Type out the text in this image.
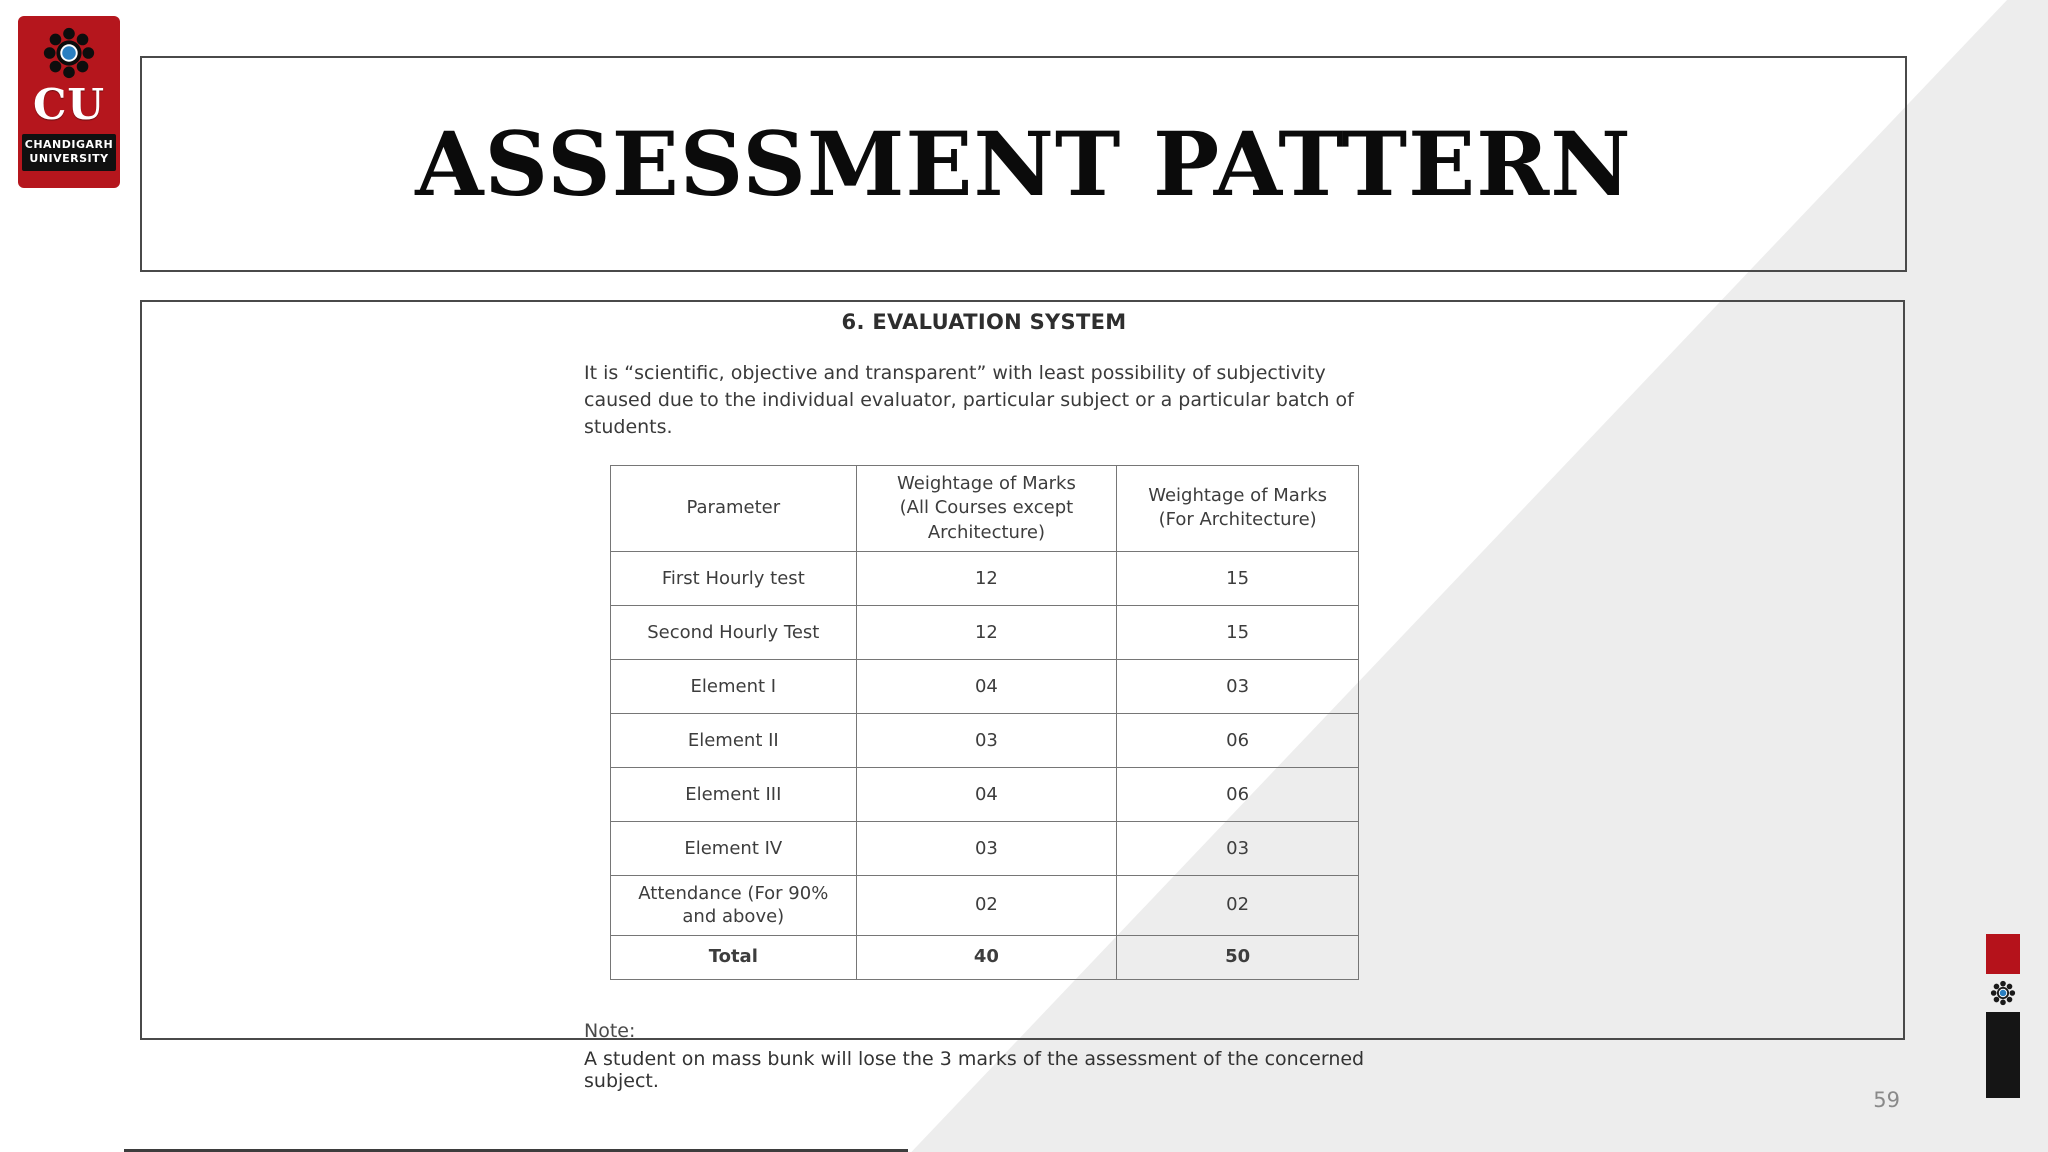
CU
CHANDIGARH
UNIVERSITY	ASSESSMENT PATTERN
6. EVALUATION SYSTEM

It is “scientific, objective and transparent” with least possibility of subjectivity caused due to the individual evaluator, particular subject or a particular batch of students.

Parameter	Weightage of Marks (All Courses except Architecture)	Weightage of Marks (For Architecture)
First Hourly test	12	15
Second Hourly Test	12	15
Element I	04	03
Element II	03	06
Element III	04	06
Element IV	03	03
Attendance (For 90% and above)	02	02
Total	40	50

Note:

A student on mass bunk will lose the 3 marks of the assessment of the concerned subject.

59
